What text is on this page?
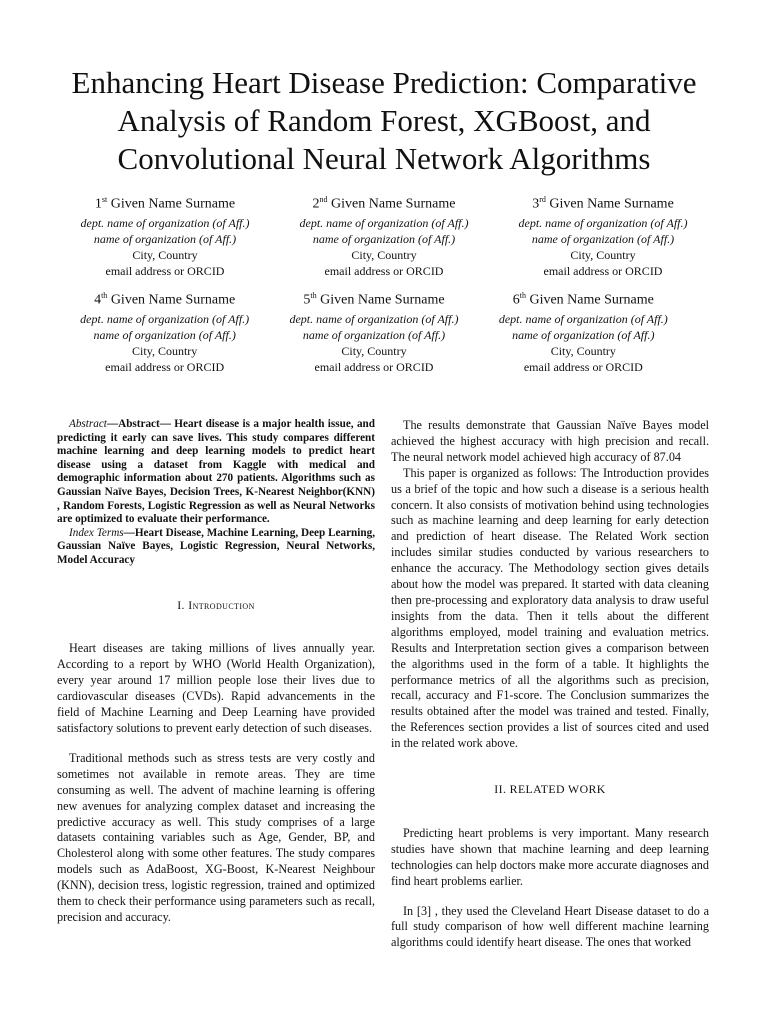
Enhancing Heart Disease Prediction: Comparative Analysis of Random Forest, XGBoost, and Convolutional Neural Network Algorithms
1st Given Name Surname
dept. name of organization (of Aff.)
name of organization (of Aff.)
City, Country
email address or ORCID
2nd Given Name Surname
dept. name of organization (of Aff.)
name of organization (of Aff.)
City, Country
email address or ORCID
3rd Given Name Surname
dept. name of organization (of Aff.)
name of organization (of Aff.)
City, Country
email address or ORCID
4th Given Name Surname
dept. name of organization (of Aff.)
name of organization (of Aff.)
City, Country
email address or ORCID
5th Given Name Surname
dept. name of organization (of Aff.)
name of organization (of Aff.)
City, Country
email address or ORCID
6th Given Name Surname
dept. name of organization (of Aff.)
name of organization (of Aff.)
City, Country
email address or ORCID

Abstract—Abstract— Heart disease is a major health issue, and predicting it early can save lives. This study compares different machine learning and deep learning models to predict heart disease using a dataset from Kaggle with medical and demographic information about 270 patients. Algorithms such as Gaussian Naïve Bayes, Decision Trees, K-Nearest Neighbor(KNN) , Random Forests, Logistic Regression as well as Neural Networks are optimized to evaluate their performance.

Index Terms—Heart Disease, Machine Learning, Deep Learning, Gaussian Naïve Bayes, Logistic Regression, Neural Networks, Model Accuracy

I. Introduction

Heart diseases are taking millions of lives annually year. According to a report by WHO (World Health Organization), every year around 17 million people lose their lives due to cardiovascular diseases (CVDs). Rapid advancements in the field of Machine Learning and Deep Learning have provided satisfactory solutions to prevent early detection of such diseases.

Traditional methods such as stress tests are very costly and sometimes not available in remote areas. They are time consuming as well. The advent of machine learning is offering new avenues for analyzing complex dataset and increasing the predictive accuracy as well. This study comprises of a large datasets containing variables such as Age, Gender, BP, and Cholesterol along with some other features. The study compares models such as AdaBoost, XG-Boost, K-Nearest Neighbour (KNN), decision tress, logistic regression, trained and optimized them to check their performance using parameters such as recall, precision and accuracy.

The results demonstrate that Gaussian Naïve Bayes model achieved the highest accuracy with high precision and recall. The neural network model achieved high accuracy of 87.04

This paper is organized as follows: The Introduction provides us a brief of the topic and how such a disease is a serious health concern. It also consists of motivation behind using technologies such as machine learning and deep learning for early detection and prediction of heart disease. The Related Work section includes similar studies conducted by various researchers to enhance the accuracy. The Methodology section gives details about how the model was prepared. It started with data cleaning then pre-processing and exploratory data analysis to draw useful insights from the data. Then it tells about the different algorithms employed, model training and evaluation metrics. Results and Interpretation section gives a comparison between the algorithms used in the form of a table. It highlights the performance metrics of all the algorithms such as precision, recall, accuracy and F1-score. The Conclusion summarizes the results obtained after the model was trained and tested. Finally, the References section provides a list of sources cited and used in the related work above.

II. RELATED WORK

Predicting heart problems is very important. Many research studies have shown that machine learning and deep learning technologies can help doctors make more accurate diagnoses and find heart problems earlier.

In [3] , they used the Cleveland Heart Disease dataset to do a full study comparison of how well different machine learning algorithms could identify heart disease. The ones that worked
